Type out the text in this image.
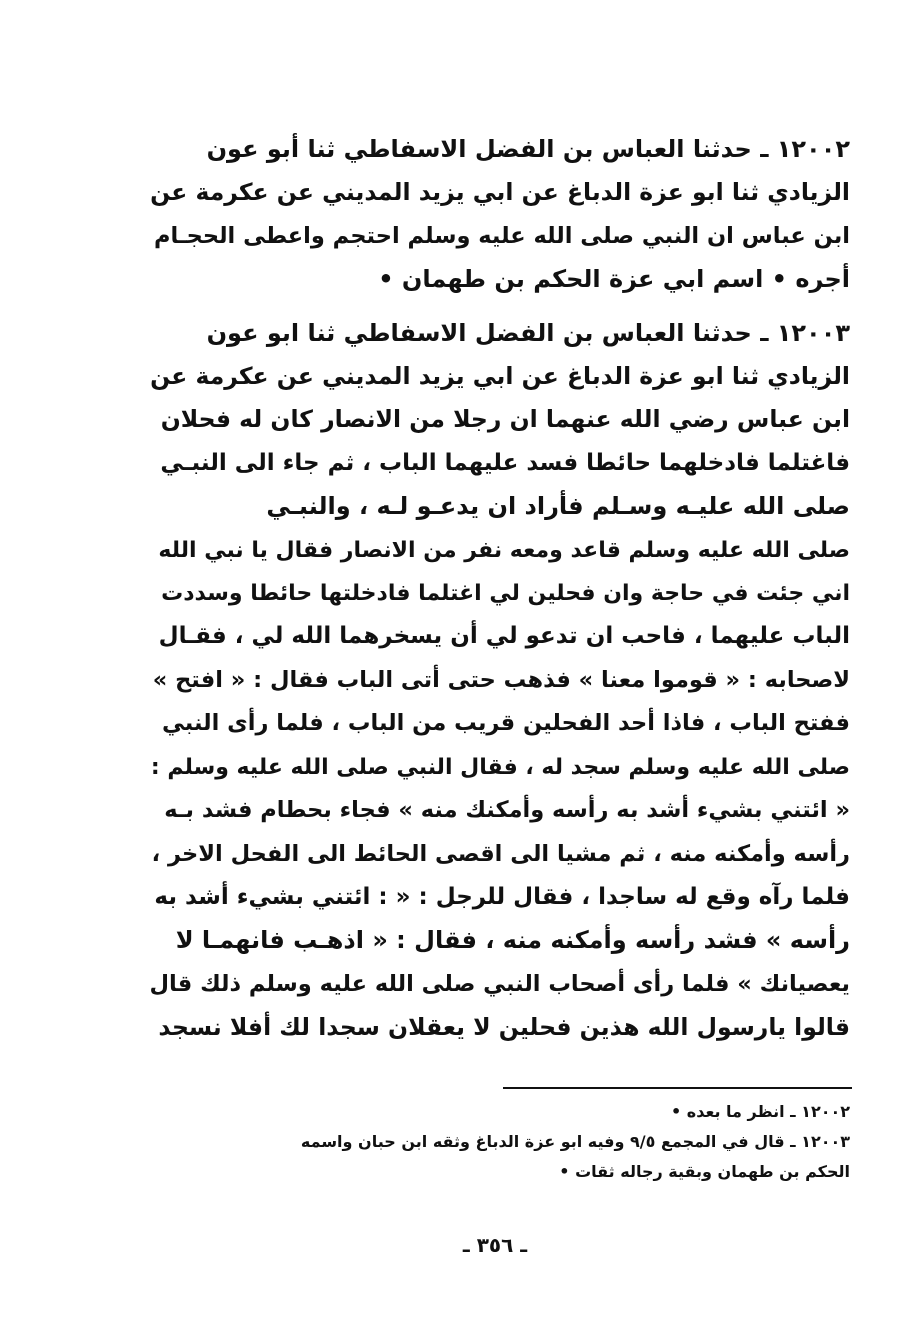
١٢٠٠٢ ـ حدثنا العباس بن الفضل الاسفاطي ثنا أبو عون
الزيادي ثنا ابو عزة الدباغ عن ابي يزيد المديني عن عكرمة عن
ابن عباس ان النبي صلى الله عليه وسلم احتجم واعطى الحجـام
أجره • اسم ابي عزة الحكم بن طهمان •
١٢٠٠٣ ـ حدثنا العباس بن الفضل الاسفاطي ثنا ابو عون
الزيادي ثنا ابو عزة الدباغ عن ابي يزيد المديني عن عكرمة عن
ابن عباس رضي الله عنهما ان رجلا من الانصار كان له فحلان
فاغتلما فادخلهما حائطا فسد عليهما الباب ، ثم جاء الى النبـي
صلى الله عليـه وسـلم فأراد ان يدعـو لـه ، والنبـي
صلى الله عليه وسلم قاعد ومعه نفر من الانصار فقال يا نبي الله
اني جئت في حاجة وان فحلين لي اغتلما فادخلتها حائطا وسددت
الباب عليهما ، فاحب ان تدعو لي أن يسخرهما الله لي ، فقـال
لاصحابه : « قوموا معنا » فذهب حتى أتى الباب فقال : « افتح »
ففتح الباب ، فاذا أحد الفحلين قريب من الباب ، فلما رأى النبي
صلى الله عليه وسلم سجد له ، فقال النبي صلى الله عليه وسلم :
« ائتني بشيء أشد به رأسه وأمكنك منه » فجاء بحطام فشد بـه
رأسه وأمكنه منه ، ثم مشيا الى اقصى الحائط الى الفحل الاخر ،
فلما رآه وقع له ساجدا ، فقال للرجل : « : ائتني بشيء أشد به
رأسه » فشد رأسه وأمكنه منه ، فقال : « اذهـب فانهمـا لا
يعصيانك » فلما رأى أصحاب النبي صلى الله عليه وسلم ذلك قال
قالوا يارسول الله هذين فحلين لا يعقلان سجدا لك أفلا نسجد
١٢٠٠٢ ـ انظر ما بعده •
١٢٠٠٣ ـ قال في المجمع ٩/٥ وفيه ابو عزة الدباغ وثقه ابن حبان واسمه
الحكم بن طهمان وبقية رجاله ثقات •
ـ ٣٥٦ ـ
